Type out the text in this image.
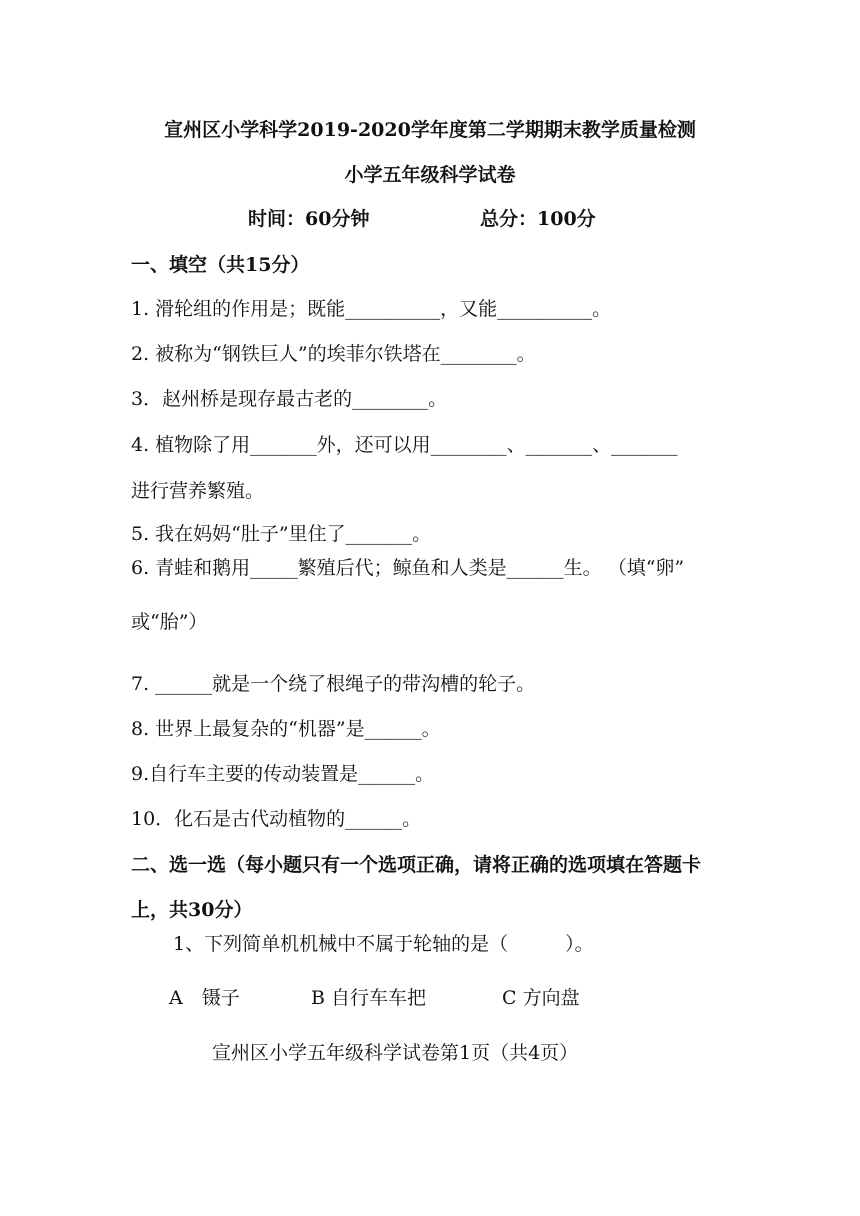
宣州区小学科学2019-2020学年度第二学期期末教学质量检测
小学五年级科学试卷
时间：60分钟	总分：100分
一、填空（共15分）
1. 滑轮组的作用是；既能__________，又能__________。
2. 被称为“钢铁巨人”的埃菲尔铁塔在________。
3．赵州桥是现存最古老的________。
4. 植物除了用_______外，还可以用________、_______、_______
进行营养繁殖。
5. 我在妈妈“肚子”里住了_______。
6. 青蛙和鹅用_____繁殖后代；鲸鱼和人类是______生。 （填“卵”
或“胎”）
7. ______就是一个绕了根绳子的带沟槽的轮子。
8. 世界上最复杂的“机器”是______。
9.自行车主要的传动装置是______。
10．化石是古代动植物的______。
二、选一选（每小题只有一个选项正确，请将正确的选项填在答题卡
上，共30分）
1、下列简单机机械中不属于轮轴的是（　　　）。
A　镊子	B 自行车车把	C 方向盘
宣州区小学五年级科学试卷第1页（共4页）
